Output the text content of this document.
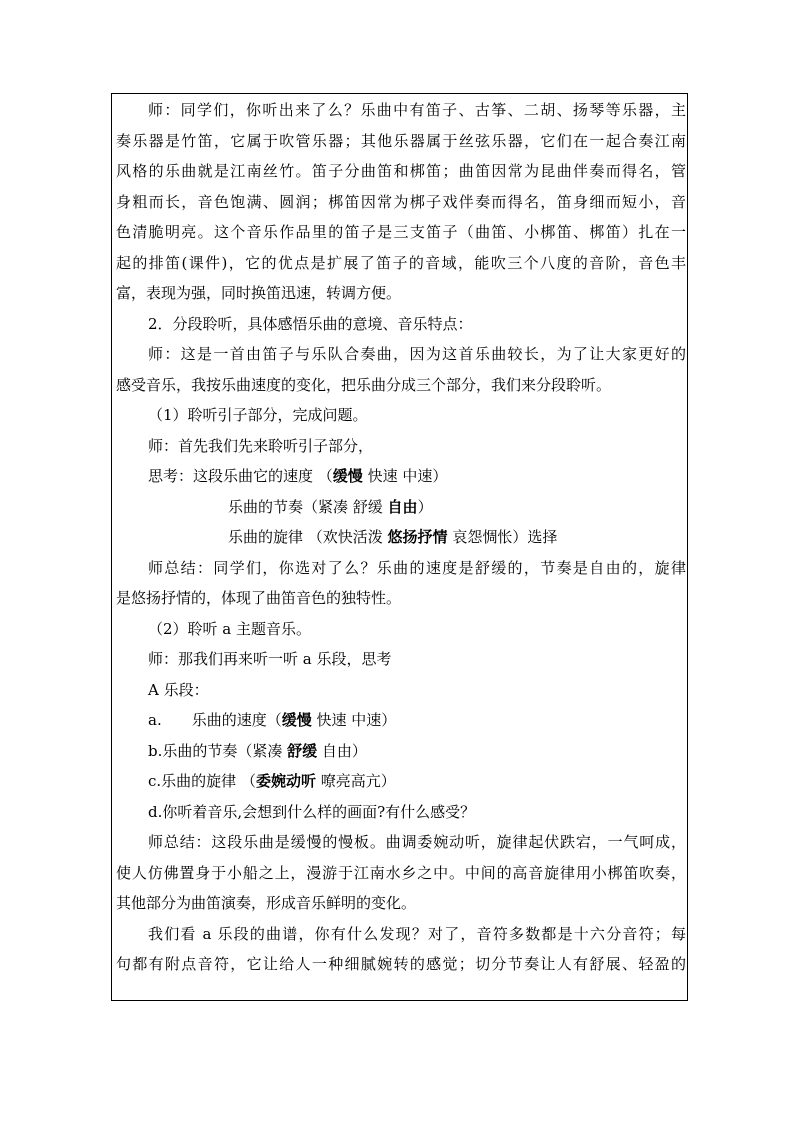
师：同学们，你听出来了么？乐曲中有笛子、古筝、二胡、扬琴等乐器，主
奏乐器是竹笛，它属于吹管乐器；其他乐器属于丝弦乐器，它们在一起合奏江南
风格的乐曲就是江南丝竹。笛子分曲笛和梆笛；曲笛因常为昆曲伴奏而得名，管
身粗而长，音色饱满、圆润；梆笛因常为梆子戏伴奏而得名，笛身细而短小，音
色清脆明亮。这个音乐作品里的笛子是三支笛子（曲笛、小梆笛、梆笛）扎在一
起的排笛(课件)，它的优点是扩展了笛子的音域，能吹三个八度的音阶，音色丰
富，表现为强，同时换笛迅速，转调方便。
2．分段聆听，具体感悟乐曲的意境、音乐特点：
师：这是一首由笛子与乐队合奏曲，因为这首乐曲较长，为了让大家更好的
感受音乐，我按乐曲速度的变化，把乐曲分成三个部分，我们来分段聆听。
（1）聆听引子部分，完成问题。
师：首先我们先来聆听引子部分，
思考：这段乐曲它的速度 （缓慢 快速 中速）
乐曲的节奏（紧凑 舒缓 自由）
乐曲的旋律 （欢快活泼 悠扬抒情 哀怨惆怅）选择
师总结：同学们，你选对了么？乐曲的速度是舒缓的，节奏是自由的，旋律
是悠扬抒情的，体现了曲笛音色的独特性。
（2）聆听 a 主题音乐。
师：那我们再来听一听 a 乐段，思考
A 乐段：
a. 乐曲的速度（缓慢 快速 中速）
b.乐曲的节奏（紧凑 舒缓 自由）
c.乐曲的旋律 （委婉动听 嘹亮高亢）
d.你听着音乐,会想到什么样的画面?有什么感受？
师总结：这段乐曲是缓慢的慢板。曲调委婉动听，旋律起伏跌宕，一气呵成，
使人仿佛置身于小船之上，漫游于江南水乡之中。中间的高音旋律用小梆笛吹奏，
其他部分为曲笛演奏，形成音乐鲜明的变化。
我们看 a 乐段的曲谱，你有什么发现？对了，音符多数都是十六分音符；每
句都有附点音符，它让给人一种细腻婉转的感觉；切分节奏让人有舒展、轻盈的
